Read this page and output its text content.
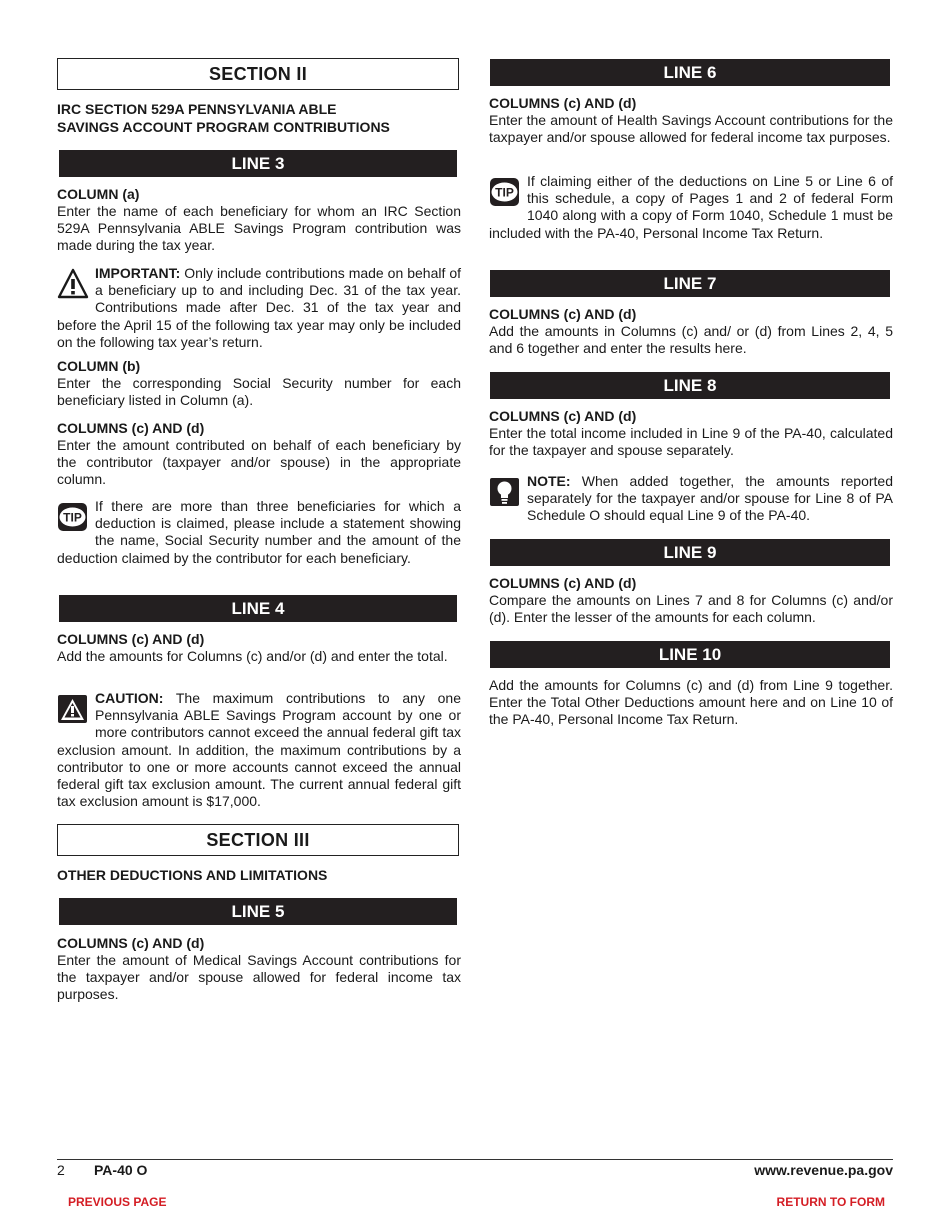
SECTION II
IRC SECTION 529A PENNSYLVANIA ABLE
SAVINGS ACCOUNT PROGRAM CONTRIBUTIONS
LINE 3
COLUMN (a)
Enter the name of each beneficiary for whom an IRC Section 529A Pennsylvania ABLE Savings Program contribution was made during the tax year.
IMPORTANT: Only include contributions made on behalf of a beneficiary up to and including Dec. 31 of the tax year. Contributions made after Dec. 31 of the tax year and before the April 15 of the following tax year may only be included on the following tax year’s return.
COLUMN (b)
Enter the corresponding Social Security number for each beneficiary listed in Column (a).
COLUMNS (c) AND (d)
Enter the amount contributed on behalf of each beneficiary by the contributor (taxpayer and/or spouse) in the appropriate column.
TIP
If there are more than three beneficiaries for which a deduction is claimed, please include a statement showing the name, Social Security number and the amount of the deduction claimed by the contributor for each beneficiary.
LINE 4
COLUMNS (c) AND (d)
Add the amounts for Columns (c) and/or (d) and enter the total.
CAUTION: The maximum contributions to any one Pennsylvania ABLE Savings Program account by one or more contributors cannot exceed the annual federal gift tax exclusion amount. In addition, the maximum contributions by a contributor to one or more accounts cannot exceed the annual federal gift tax exclusion amount. The current annual federal gift tax exclusion amount is $17,000.
SECTION III
OTHER DEDUCTIONS AND LIMITATIONS
LINE 5
COLUMNS (c) AND (d)
Enter the amount of Medical Savings Account contributions for the taxpayer and/or spouse allowed for federal income tax purposes.
LINE 6
COLUMNS (c) AND (d)
Enter the amount of Health Savings Account contributions for the taxpayer and/or spouse allowed for federal income tax purposes.
TIP
If claiming either of the deductions on Line 5 or Line 6 of this schedule, a copy of Pages 1 and 2 of federal Form 1040 along with a copy of Form 1040, Schedule 1 must be included with the PA-40, Personal Income Tax Return.
LINE 7
COLUMNS (c) AND (d)
Add the amounts in Columns (c) and/ or (d) from Lines 2, 4, 5 and 6 together and enter the results here.
LINE 8
COLUMNS (c) AND (d)
Enter the total income included in Line 9 of the PA-40, calculated for the taxpayer and spouse separately.
NOTE: When added together, the amounts reported separately for the taxpayer and/or spouse for Line 8 of PA Schedule O should equal Line 9 of the PA-40.
LINE 9
COLUMNS (c) AND (d)
Compare the amounts on Lines 7 and 8 for Columns (c) and/or (d). Enter the lesser of the amounts for each column.
LINE 10
Add the amounts for Columns (c) and (d) from Line 9 together. Enter the Total Other Deductions amount here and on Line 10 of the PA-40, Personal Income Tax Return.
2 PA-40 O	www.revenue.pa.gov
PREVIOUS PAGE	RETURN TO FORM
